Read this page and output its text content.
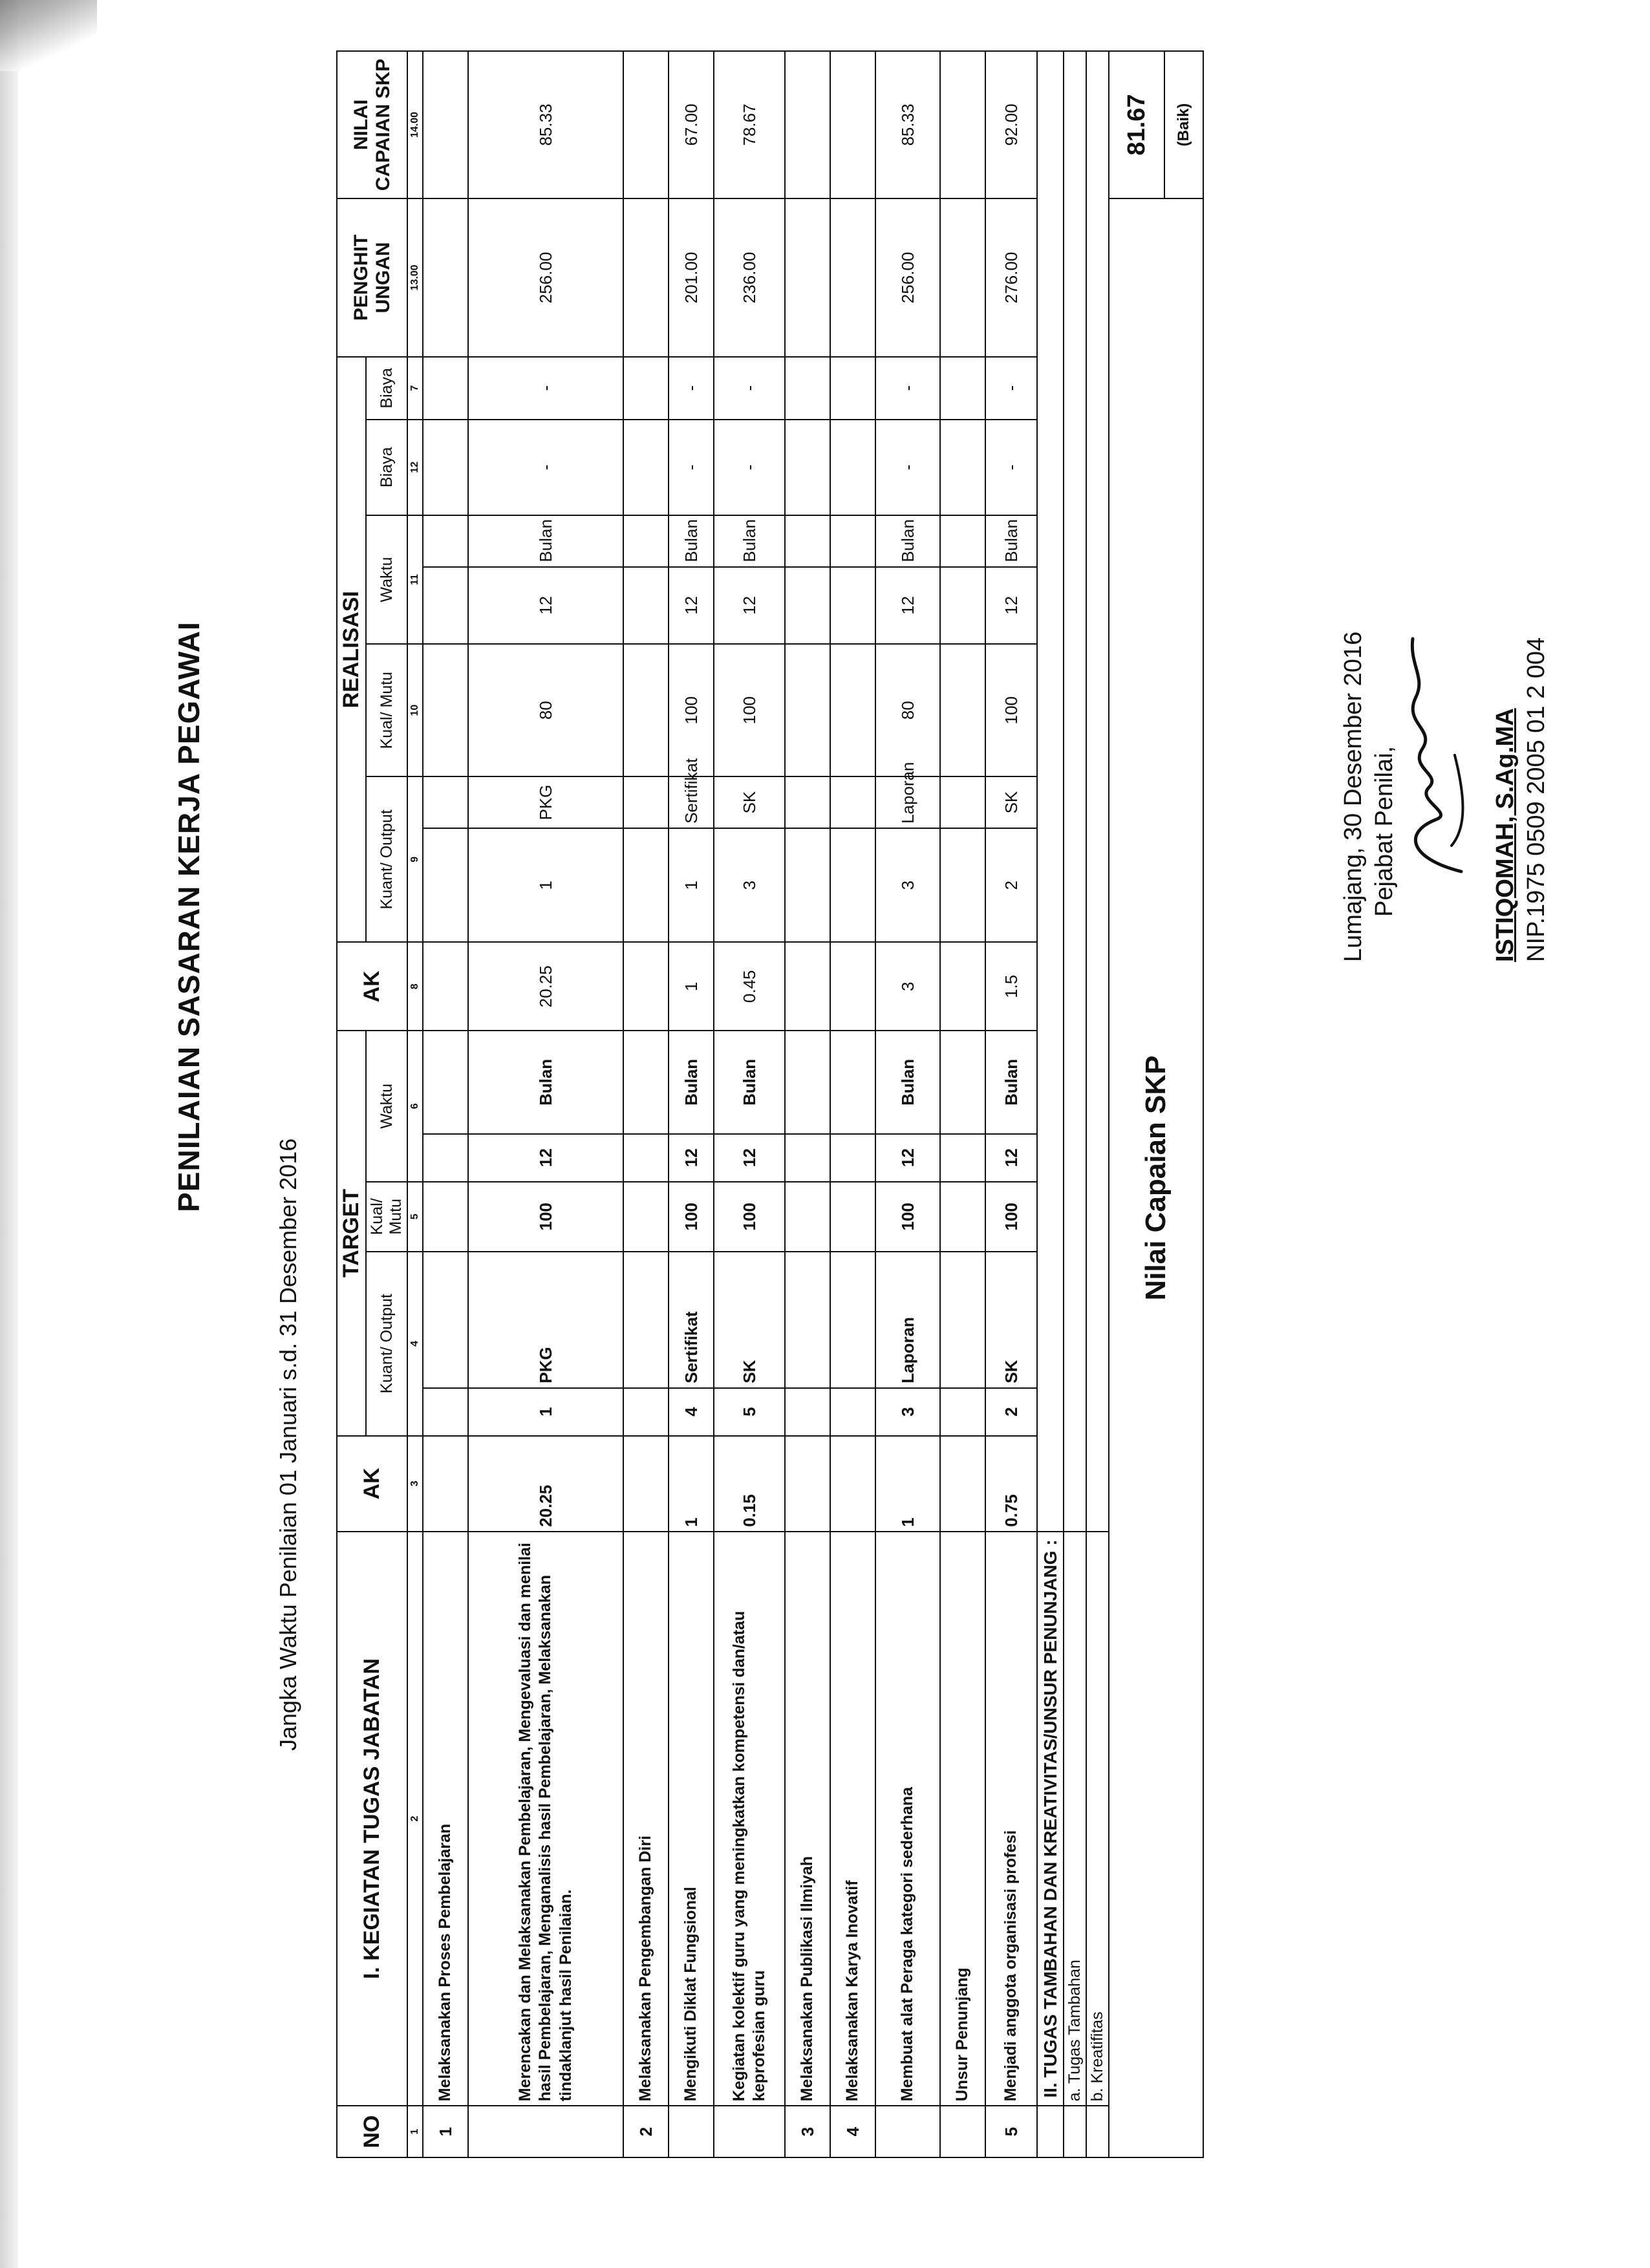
PENILAIAN SASARAN KERJA PEGAWAI
Jangka Waktu Penilaian 01 Januari s.d. 31 Desember 2016
NO	I. KEGIATAN TUGAS JABATAN	AK	TARGET					AK	REALISASI							PENGHIT UNGAN	NILAI CAPAIAN SKP
			Kuant/ Output		Kual/ Mutu	Waktu			Kuant/ Output		Kual/ Mutu	Waktu		Biaya	Biaya		
1	2	3	4		5	6		8	9		10	11		12	7	13.00	14.00
1	Melaksanakan Proses Pembelajaran																
	Merencakan dan Melaksanakan Pembelajaran, Mengevaluasi dan menilai hasil Pembelajaran, Menganalisis hasil Pembelajaran, Melaksanakan tindaklanjut hasil Penilaian.	20.25	1	PKG	100	12	Bulan	20.25	1	PKG	80	12	Bulan	-	-	256.00	85.33
2	Melaksanakan Pengembangan Diri																
	Mengikuti Diklat Fungsional	1	4	Sertifikat	100	12	Bulan	1	1	Sertifikat	100	12	Bulan	-	-	201.00	67.00
	Kegiatan kolektif guru yang meningkatkan kompetensi dan/atau keprofesian guru	0.15	5	SK	100	12	Bulan	0.45	3	SK	100	12	Bulan	-	-	236.00	78.67
3	Melaksanakan Publikasi Ilmiyah																
4	Melaksanakan Karya Inovatif																
	Membuat alat Peraga kategori sederhana	1	3	Laporan	100	12	Bulan	3	3	Laporan	80	12	Bulan	-	-	256.00	85.33
	Unsur Penunjang																
5	Menjadi anggota organisasi profesi	0.75	2	SK	100	12	Bulan	1.5	2	SK	100	12	Bulan	-	-	276.00	92.00
	II. TUGAS TAMBAHAN DAN KREATIVITAS/UNSUR PENUNJANG :																
	a. Tugas Tambahan																
	b. Kreatifitas																
Nilai Capaian SKP																	81.67
																	(Baik)
Lumajang, 30 Desember 2016 Pejabat Penilai,	ISTIQOMAH, S.Ag.MA NIP.1975 0509 2005 01 2 004
